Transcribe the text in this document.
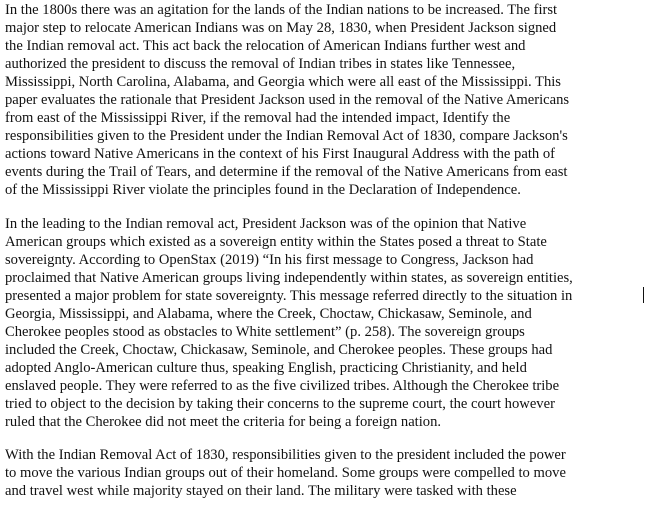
In the 1800s there was an agitation for the lands of the Indian nations to be increased. The first
major step to relocate American Indians was on May 28, 1830, when President Jackson signed
the Indian removal act. This act back the relocation of American Indians further west and
authorized the president to discuss the removal of Indian tribes in states like Tennessee,
Mississippi, North Carolina, Alabama, and Georgia which were all east of the Mississippi. This
paper evaluates the rationale that President Jackson used in the removal of the Native Americans
from east of the Mississippi River, if the removal had the intended impact, Identify the
responsibilities given to the President under the Indian Removal Act of 1830, compare Jackson's
actions toward Native Americans in the context of his First Inaugural Address with the path of
events during the Trail of Tears, and determine if the removal of the Native Americans from east
of the Mississippi River violate the principles found in the Declaration of Independence.
In the leading to the Indian removal act, President Jackson was of the opinion that Native
American groups which existed as a sovereign entity within the States posed a threat to State
sovereignty. According to OpenStax (2019) “In his first message to Congress, Jackson had
proclaimed that Native American groups living independently within states, as sovereign entities,
presented a major problem for state sovereignty. This message referred directly to the situation in
Georgia, Mississippi, and Alabama, where the Creek, Choctaw, Chickasaw, Seminole, and
Cherokee peoples stood as obstacles to White settlement” (p. 258). The sovereign groups
included the Creek, Choctaw, Chickasaw, Seminole, and Cherokee peoples. These groups had
adopted Anglo-American culture thus, speaking English, practicing Christianity, and held
enslaved people. They were referred to as the five civilized tribes. Although the Cherokee tribe
tried to object to the decision by taking their concerns to the supreme court, the court however
ruled that the Cherokee did not meet the criteria for being a foreign nation.
With the Indian Removal Act of 1830, responsibilities given to the president included the power
to move the various Indian groups out of their homeland. Some groups were compelled to move
and travel west while majority stayed on their land. The military were tasked with these
